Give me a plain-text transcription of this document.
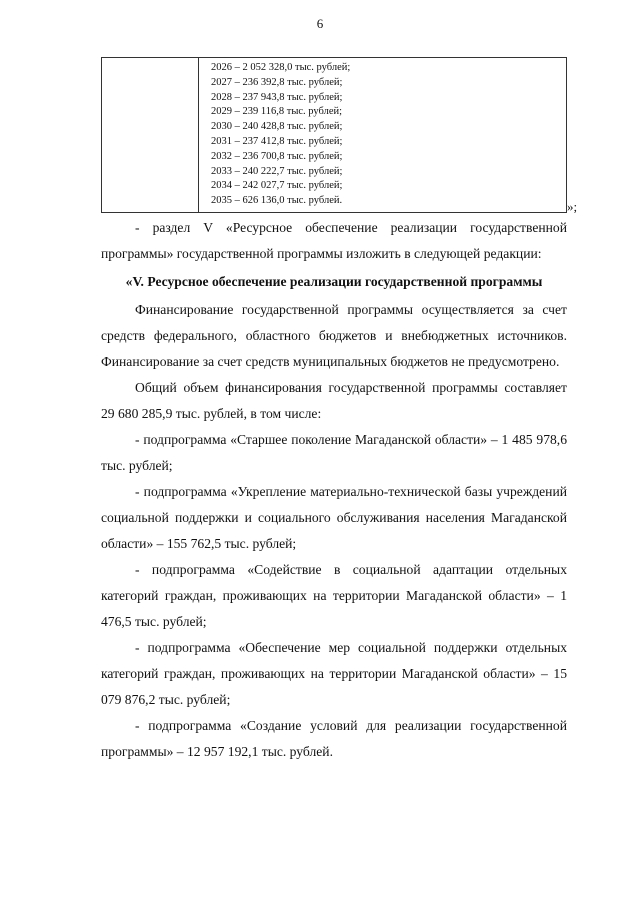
6
2026 – 2 052 328,0 тыс. рублей;
2027 – 236 392,8 тыс. рублей;
2028 – 237 943,8 тыс. рублей;
2029 – 239 116,8 тыс. рублей;
2030 – 240 428,8 тыс. рублей;
2031 – 237 412,8 тыс. рублей;
2032 – 236 700,8 тыс. рублей;
2033 – 240 222,7 тыс. рублей;
2034 – 242 027,7 тыс. рублей;
2035 – 626 136,0 тыс. рублей.	»;

- раздел V «Ресурсное обеспечение реализации государственной программы» государственной программы изложить в следующей редакции:

«V. Ресурсное обеспечение реализации государственной программы

Финансирование государственной программы осуществляется за счет средств федерального, областного бюджетов и внебюджетных источников. Финансирование за счет средств муниципальных бюджетов не предусмотрено.

Общий объем финансирования государственной программы составляет 29 680 285,9 тыс. рублей, в том числе:

- подпрограмма «Старшее поколение Магаданской области» – 1 485 978,6 тыс. рублей;

- подпрограмма «Укрепление материально-технической базы учреждений социальной поддержки и социального обслуживания населения Магаданской области» – 155 762,5 тыс. рублей;

- подпрограмма «Содействие в социальной адаптации отдельных категорий граждан, проживающих на территории Магаданской области» – 1 476,5 тыс. рублей;

- подпрограмма «Обеспечение мер социальной поддержки отдельных категорий граждан, проживающих на территории Магаданской области» – 15 079 876,2 тыс. рублей;

- подпрограмма «Создание условий для реализации государственной программы» – 12 957 192,1 тыс. рублей.
